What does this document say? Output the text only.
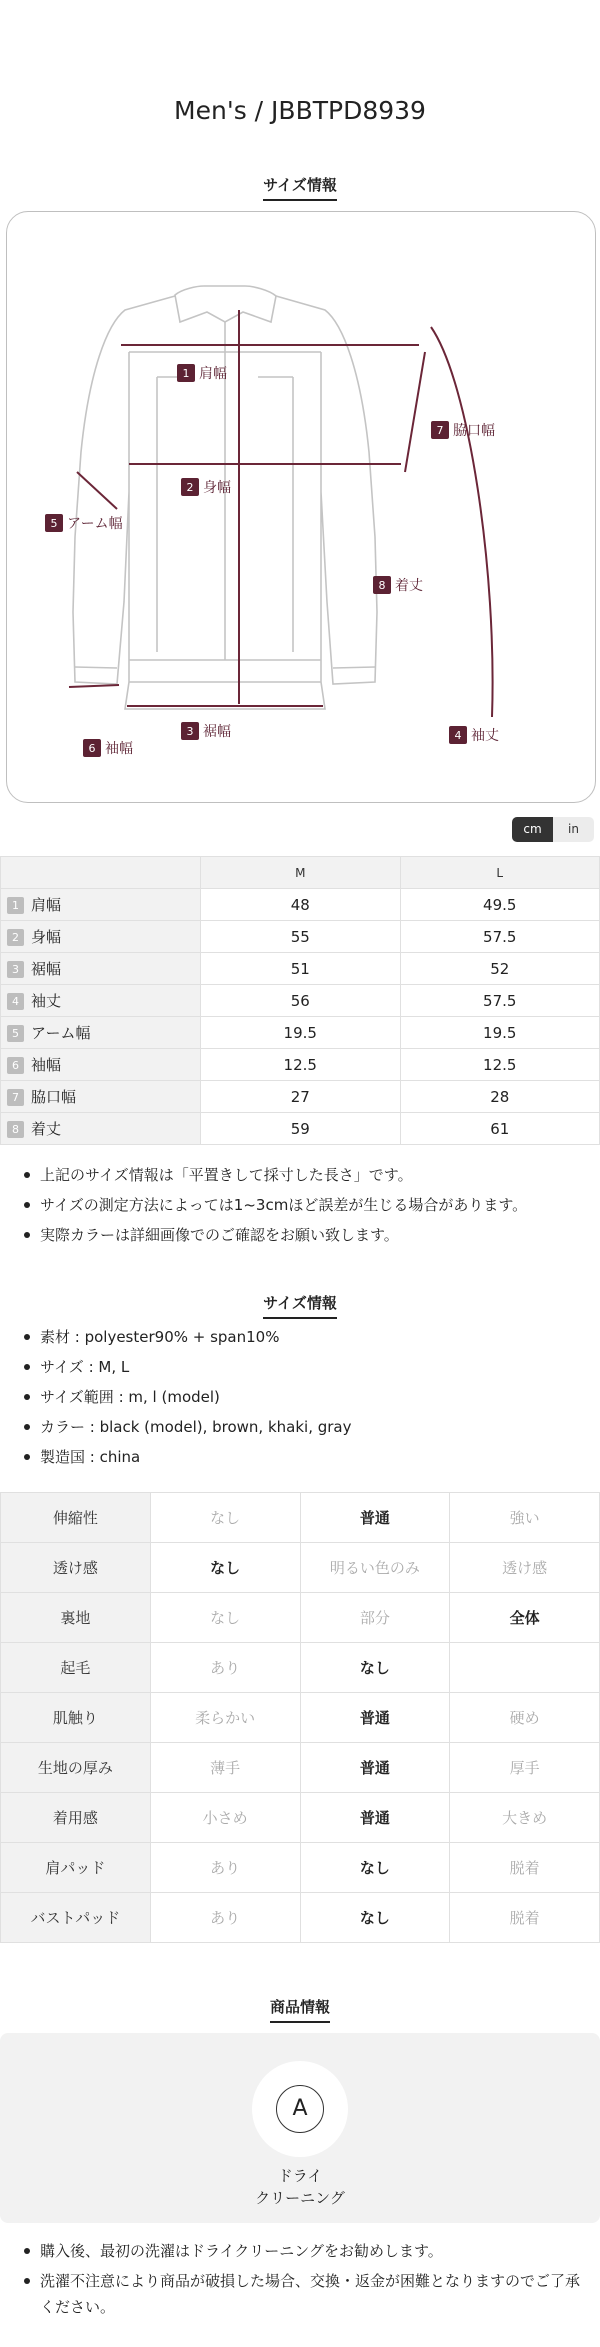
Men's / JBBTPD8939
サイズ情報
1
2
3	4
5
6
7
8
肩幅
身幅
裾幅	袖丈
アーム幅
袖幅
脇口幅
着丈
cm	in
	M	L
1 肩幅	48	49.5
2 身幅	55	57.5
3 裾幅	51	52
4 袖丈	56	57.5
5 アーム幅	19.5	19.5
6 袖幅	12.5	12.5
7 脇口幅	27	28
8 着丈	59	61
上記のサイズ情報は「平置きして採寸した長さ」です。
サイズの測定方法によっては1~3cmほど誤差が生じる場合があります。
実際カラーは詳細画像でのご確認をお願い致します。
サイズ情報
素材 : polyester90% + span10%
サイズ : M, L
サイズ範囲 : m, l (model)
カラー : black (model), brown, khaki, gray
製造国 : china
伸縮性	なし	普通	強い
透け感	なし	明るい色のみ	透け感
裏地	なし	部分	全体
起毛	あり	なし	
肌触り	柔らかい	普通	硬め
生地の厚み	薄手	普通	厚手
着用感	小さめ	普通	大きめ
肩パッド	あり	なし	脱着
バストパッド	あり	なし	脱着
商品情報
A
ドライ
クリーニング
購入後、最初の洗濯はドライクリーニングをお勧めします。
洗濯不注意により商品が破損した場合、交換・返金が困難となりますのでご了承ください。
